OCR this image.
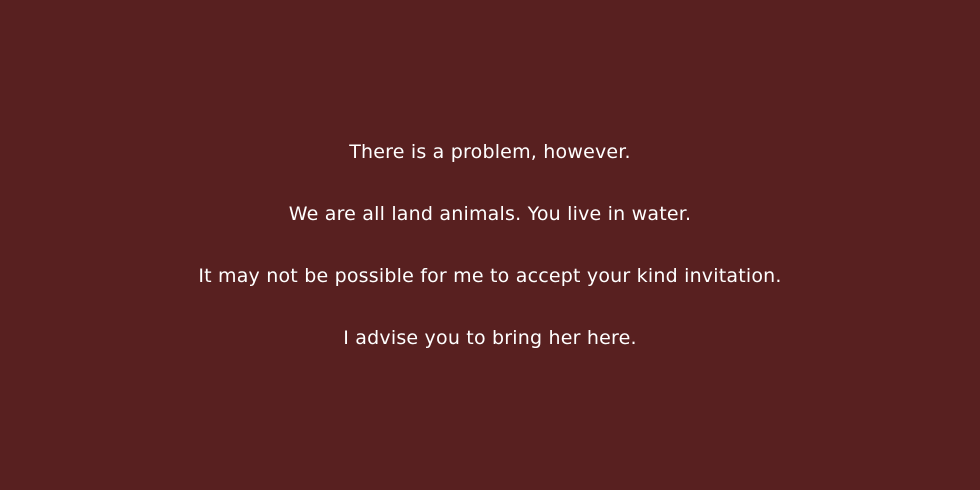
There is a problem, however.

We are all land animals. You live in water.

It may not be possible for me to accept your kind invitation.

I advise you to bring her here.
